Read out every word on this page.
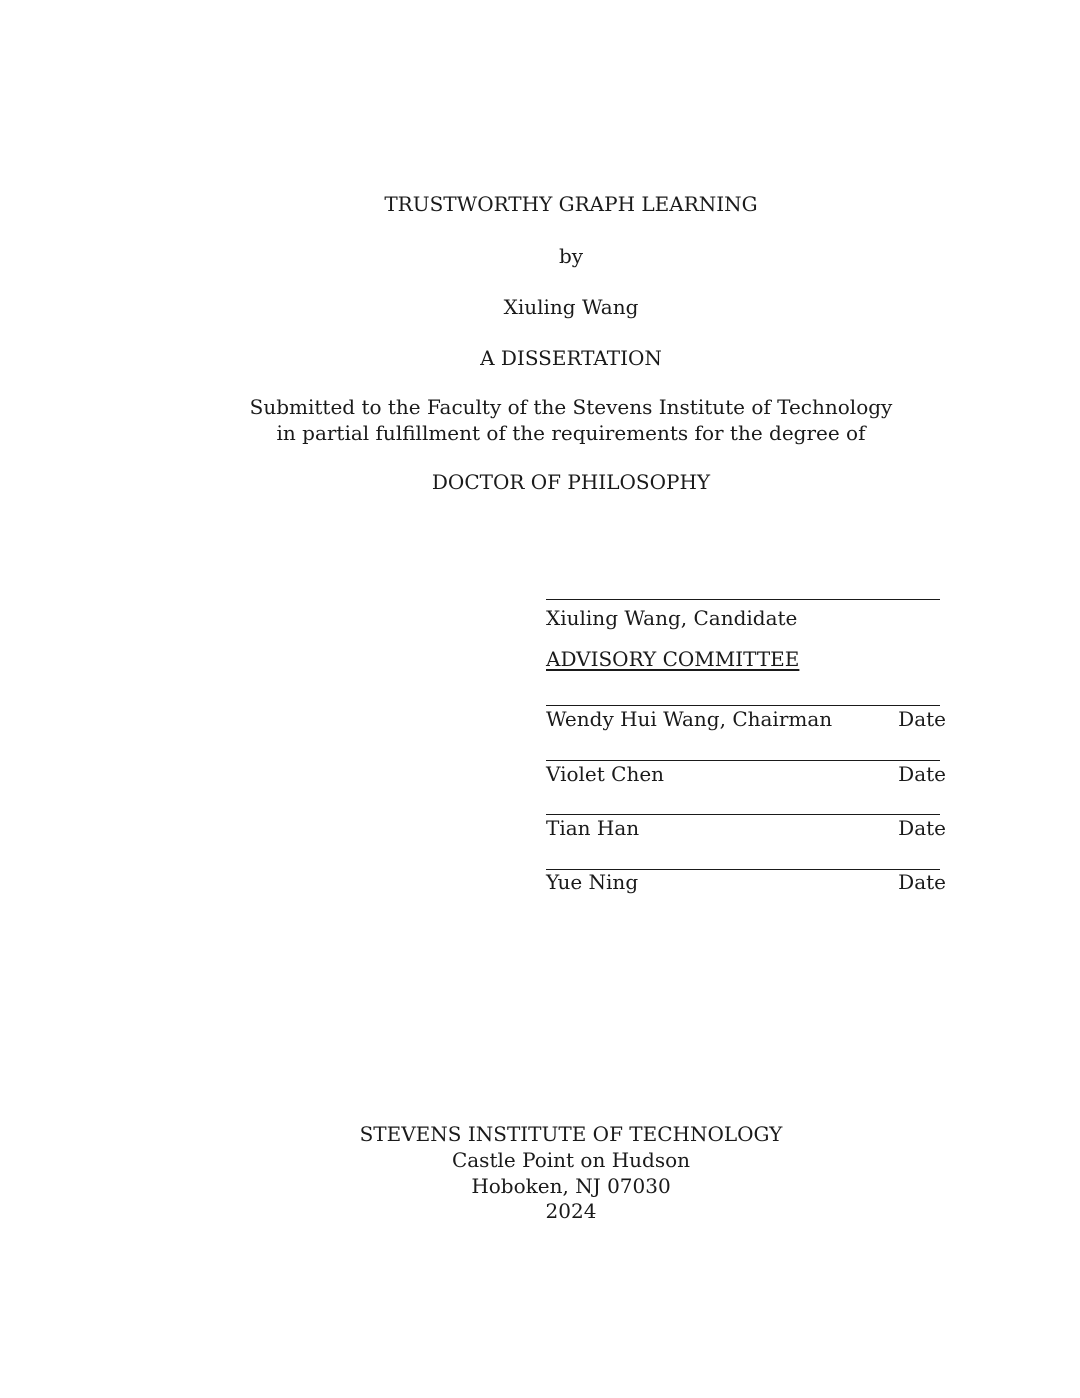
TRUSTWORTHY GRAPH LEARNING
by
Xiuling Wang
A DISSERTATION
Submitted to the Faculty of the Stevens Institute of Technology
in partial fulfillment of the requirements for the degree of
DOCTOR OF PHILOSOPHY
Xiuling Wang, Candidate
ADVISORY COMMITTEE
Wendy Hui Wang, Chairman	Date
Violet Chen	Date
Tian Han	Date
Yue Ning	Date
STEVENS INSTITUTE OF TECHNOLOGY
Castle Point on Hudson
Hoboken, NJ 07030
2024
